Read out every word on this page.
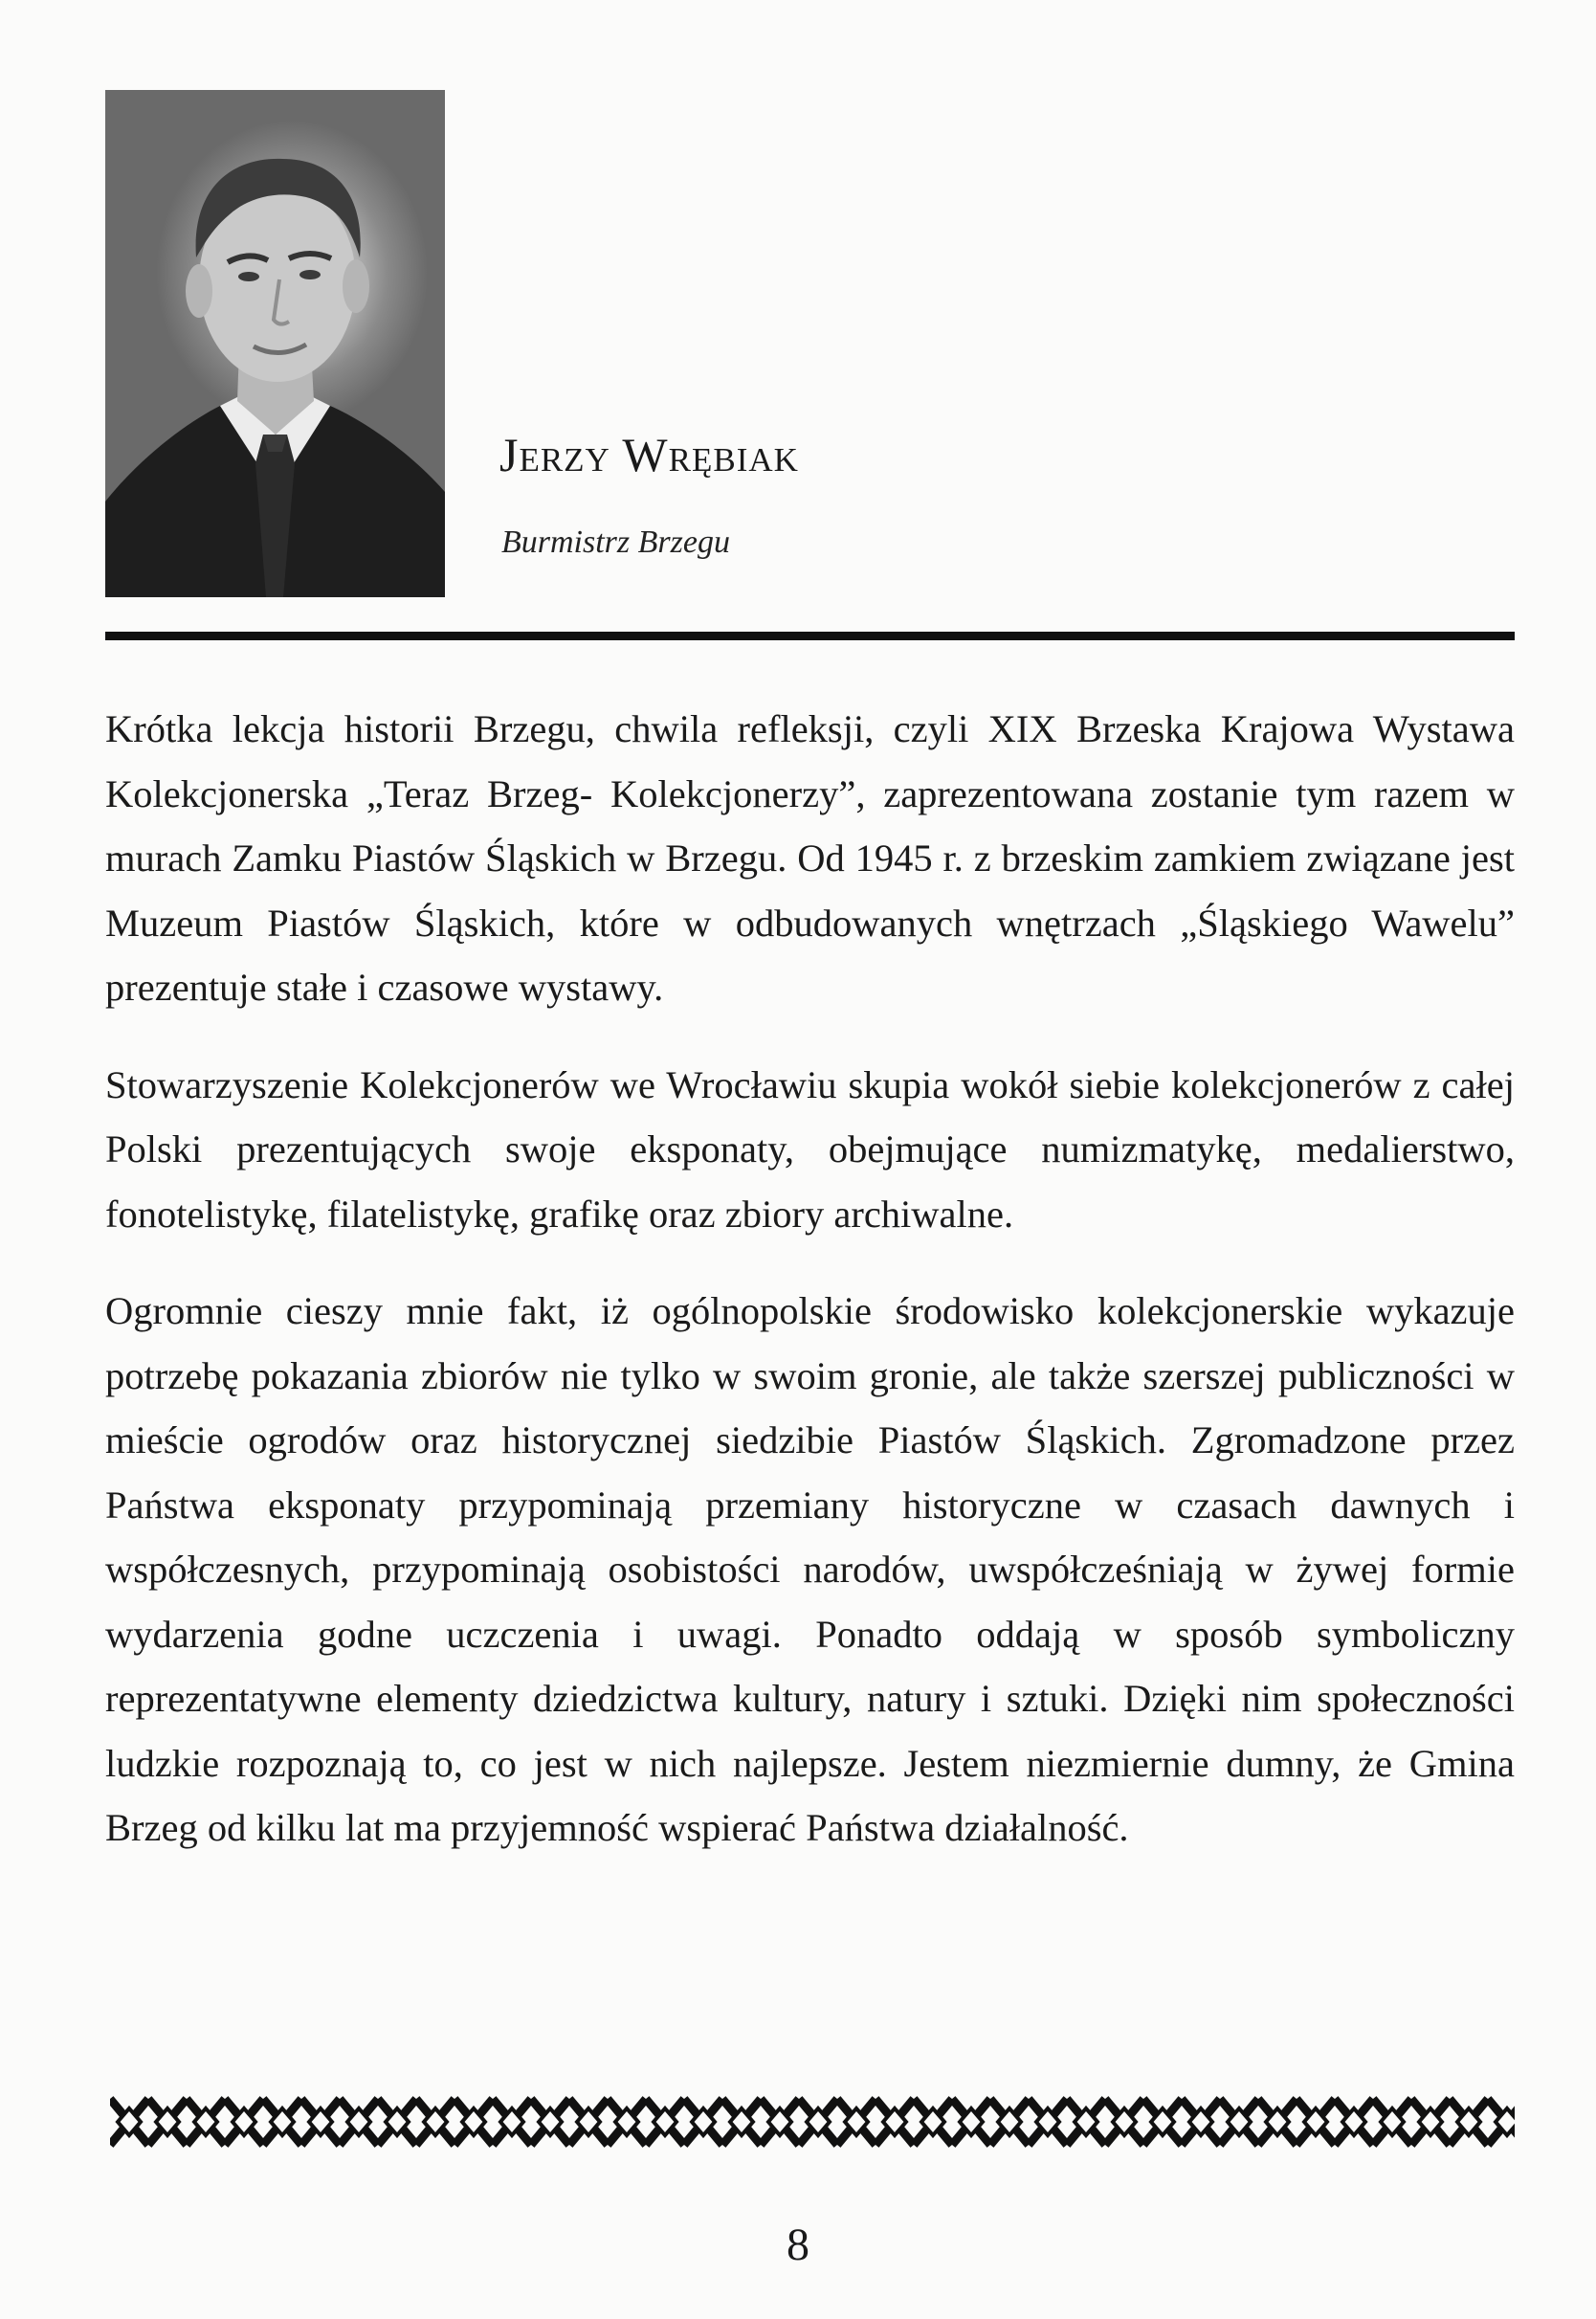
Jerzy Wrębiak
Burmistrz Brzegu

Krótka lekcja historii Brzegu, chwila refleksji, czyli XIX Brzeska Krajowa Wystawa Kolekcjonerska „Teraz Brzeg- Kolekcjonerzy”, zaprezentowana zostanie tym razem w murach Zamku Piastów Śląskich w Brzegu. Od 1945 r. z brzeskim zamkiem związane jest Muzeum Piastów Śląskich, które w odbudowanych wnętrzach „Śląskiego Wawelu” prezentuje stałe i czasowe wystawy.

Stowarzyszenie Kolekcjonerów we Wrocławiu skupia wokół siebie kolekcjonerów z całej Polski prezentujących swoje eksponaty, obejmujące numizmatykę, medalierstwo, fonotelistykę, filatelistykę, grafikę oraz zbiory archiwalne.

Ogromnie cieszy mnie fakt, iż ogólnopolskie środowisko kolekcjonerskie wykazuje potrzebę pokazania zbiorów nie tylko w swoim gronie, ale także szerszej publiczności w mieście ogrodów oraz historycznej siedzibie Piastów Śląskich. Zgromadzone przez Państwa eksponaty przypominają przemiany historyczne w czasach dawnych i współczesnych, przypominają osobistości narodów, uwspółcześniają w żywej formie wydarzenia godne uczczenia i uwagi. Ponadto oddają w sposób symboliczny reprezentatywne elementy dziedzictwa kultury, natury i sztuki. Dzięki nim społeczności ludzkie rozpoznają to, co jest w nich najlepsze. Jestem niezmiernie dumny, że Gmina Brzeg od kilku lat ma przyjemność wspierać Państwa działalność.

8
